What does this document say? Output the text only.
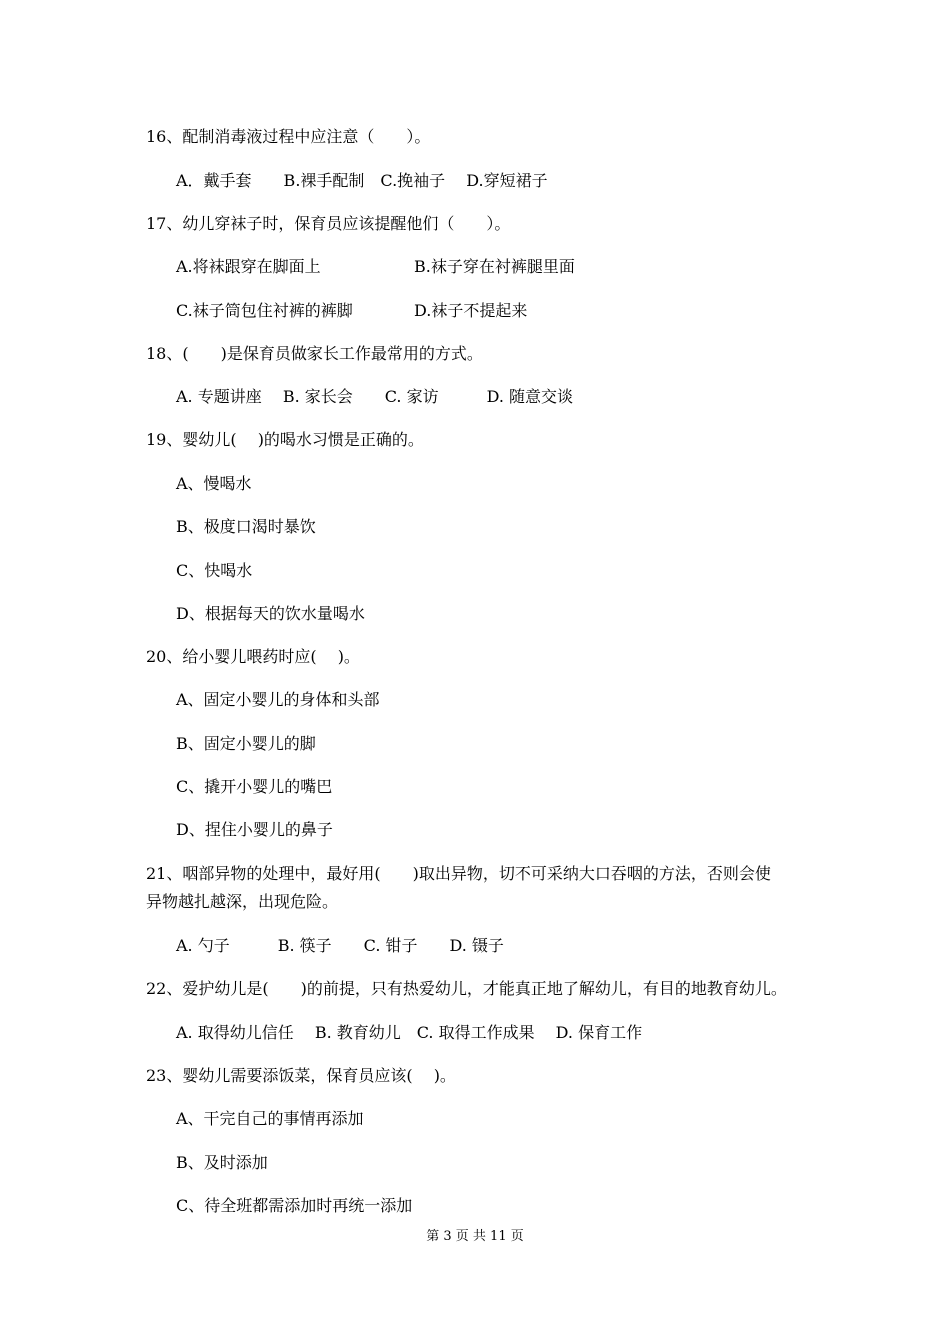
16、配制消毒液过程中应注意（　　）。
A．戴手套　　B.裸手配制　C.挽袖子　 D.穿短裙子
17、幼儿穿袜子时，保育员应该提醒他们（　　）。
A.将袜跟穿在脚面上	B.袜子穿在衬裤腿里面
C.袜子筒包住衬裤的裤脚	D.袜子不提起来
18、(　　)是保育员做家长工作最常用的方式。
A. 专题讲座　 B. 家长会　　C. 家访　　　D. 随意交谈
19、婴幼儿(　 )的喝水习惯是正确的。
A、慢喝水
B、极度口渴时暴饮
C、快喝水
D、根据每天的饮水量喝水
20、给小婴儿喂药时应(　 )。
A、固定小婴儿的身体和头部
B、固定小婴儿的脚
C、撬开小婴儿的嘴巴
D、捏住小婴儿的鼻子
21、咽部异物的处理中，最好用(　　)取出异物，切不可采纳大口吞咽的方法，否则会使
异物越扎越深，出现危险。
A. 勺子　　　B. 筷子　　C. 钳子　　D. 镊子
22、爱护幼儿是(　　)的前提，只有热爱幼儿，才能真正地了解幼儿，有目的地教育幼儿。
A. 取得幼儿信任　 B. 教育幼儿　C. 取得工作成果　 D. 保育工作
23、婴幼儿需要添饭菜，保育员应该(　 )。
A、干完自己的事情再添加
B、及时添加
C、待全班都需添加时再统一添加
第 3 页 共 11 页
